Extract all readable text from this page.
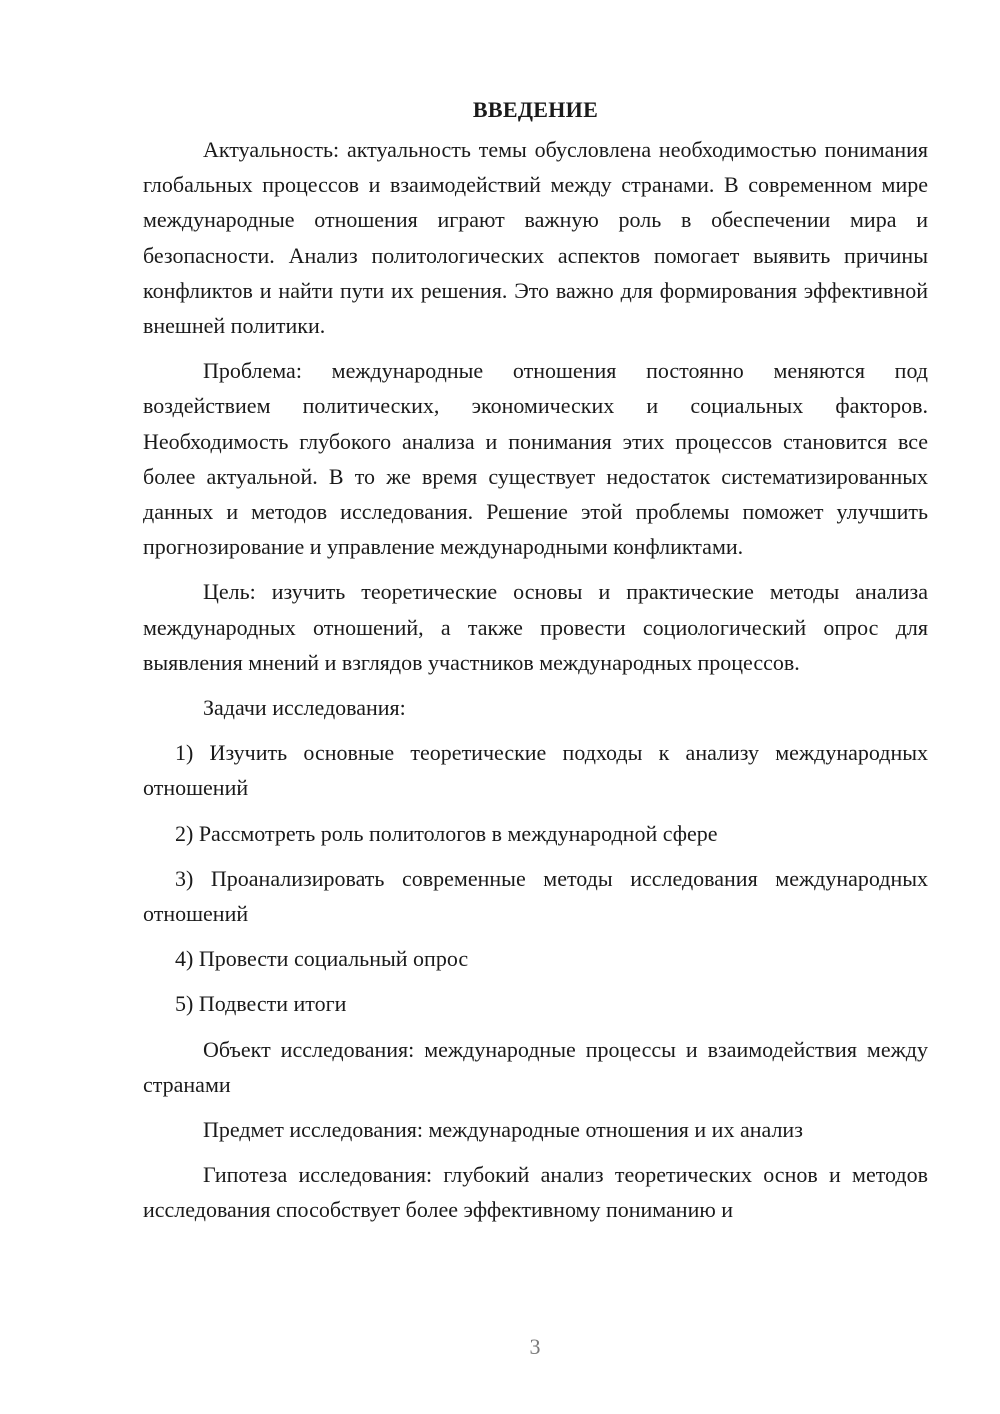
ВВЕДЕНИЕ

Актуальность: актуальность темы обусловлена необходимостью понимания глобальных процессов и взаимодействий между странами. В современном мире международные отношения играют важную роль в обеспечении мира и безопасности. Анализ политологических аспектов помогает выявить причины конфликтов и найти пути их решения. Это важно для формирования эффективной внешней политики.

Проблема: международные отношения постоянно меняются под воздействием политических, экономических и социальных факторов. Необходимость глубокого анализа и понимания этих процессов становится все более актуальной. В то же время существует недостаток систематизированных данных и методов исследования. Решение этой проблемы поможет улучшить прогнозирование и управление международными конфликтами.

Цель: изучить теоретические основы и практические методы анализа международных отношений, а также провести социологический опрос для выявления мнений и взглядов участников международных процессов.

Задачи исследования:

1) Изучить основные теоретические подходы к анализу международных отношений

2) Рассмотреть роль политологов в международной сфере

3) Проанализировать современные методы исследования международных отношений

4) Провести социальный опрос

5) Подвести итоги

Объект исследования: международные процессы и взаимодействия между странами

Предмет исследования: международные отношения и их анализ

Гипотеза исследования: глубокий анализ теоретических основ и методов исследования способствует более эффективному пониманию и

3
